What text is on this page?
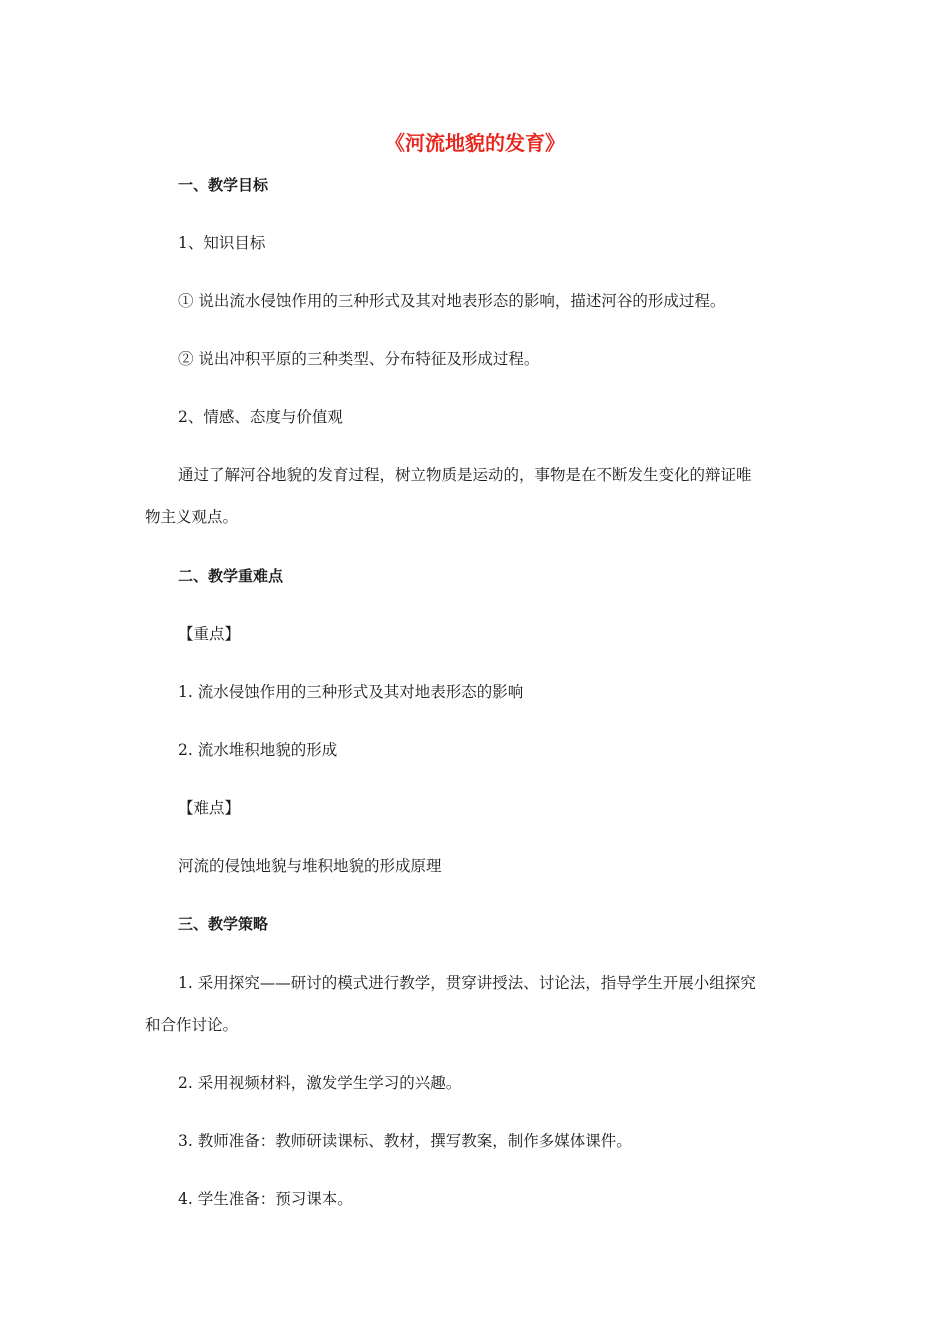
《河流地貌的发育》
一、教学目标
1、知识目标
① 说出流水侵蚀作用的三种形式及其对地表形态的影响，描述河谷的形成过程。
② 说出冲积平原的三种类型、分布特征及形成过程。
2、情感、态度与价值观
通过了解河谷地貌的发育过程，树立物质是运动的，事物是在不断发生变化的辩证唯
物主义观点。
二、教学重难点
【重点】
1. 流水侵蚀作用的三种形式及其对地表形态的影响
2. 流水堆积地貌的形成
【难点】
河流的侵蚀地貌与堆积地貌的形成原理
三、教学策略
1. 采用探究——研讨的模式进行教学，贯穿讲授法、讨论法，指导学生开展小组探究
和合作讨论。
2. 采用视频材料，激发学生学习的兴趣。
3. 教师准备：教师研读课标、教材，撰写教案，制作多媒体课件。
4. 学生准备：预习课本。
